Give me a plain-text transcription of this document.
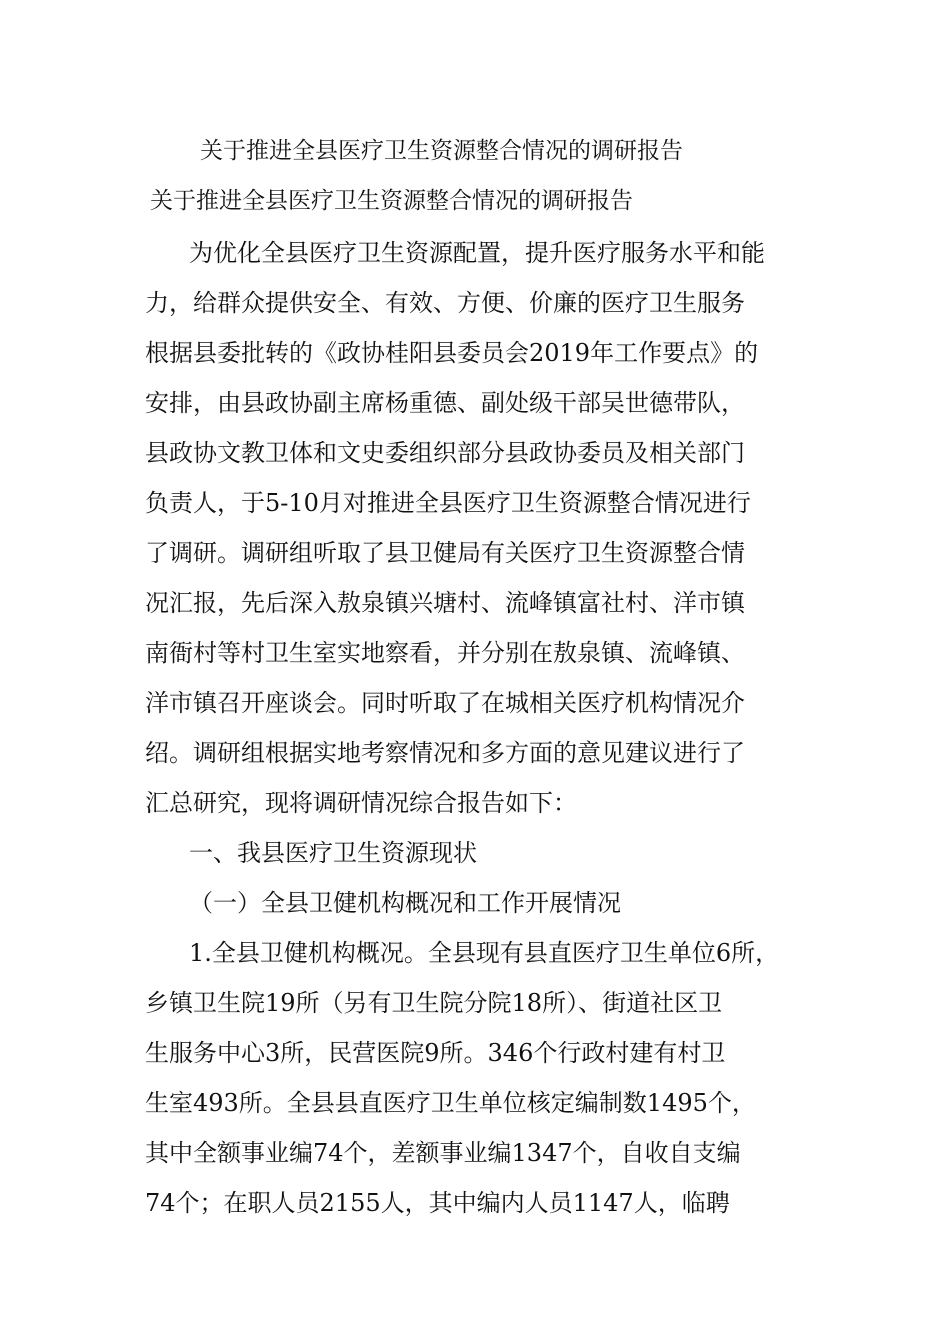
关于推进全县医疗卫生资源整合情况的调研报告
关于推进全县医疗卫生资源整合情况的调研报告
为优化全县医疗卫生资源配置，提升医疗服务水平和能
力，给群众提供安全、有效、方便、价廉的医疗卫生服务
根据县委批转的《政协桂阳县委员会2019年工作要点》的
安排，由县政协副主席杨重德、副处级干部吴世德带队，
县政协文教卫体和文史委组织部分县政协委员及相关部门
负责人，于5-10月对推进全县医疗卫生资源整合情况进行
了调研。调研组听取了县卫健局有关医疗卫生资源整合情
况汇报，先后深入敖泉镇兴塘村、流峰镇富社村、洋市镇
南衙村等村卫生室实地察看，并分别在敖泉镇、流峰镇、
洋市镇召开座谈会。同时听取了在城相关医疗机构情况介
绍。调研组根据实地考察情况和多方面的意见建议进行了
汇总研究，现将调研情况综合报告如下：
一、我县医疗卫生资源现状
（一）全县卫健机构概况和工作开展情况
1.全县卫健机构概况。全县现有县直医疗卫生单位6所，
乡镇卫生院19所（另有卫生院分院18所）、街道社区卫
生服务中心3所，民营医院9所。346个行政村建有村卫
生室493所。全县县直医疗卫生单位核定编制数1495个，
其中全额事业编74个，差额事业编1347个，自收自支编
74个；在职人员2155人，其中编内人员1147人，临聘
